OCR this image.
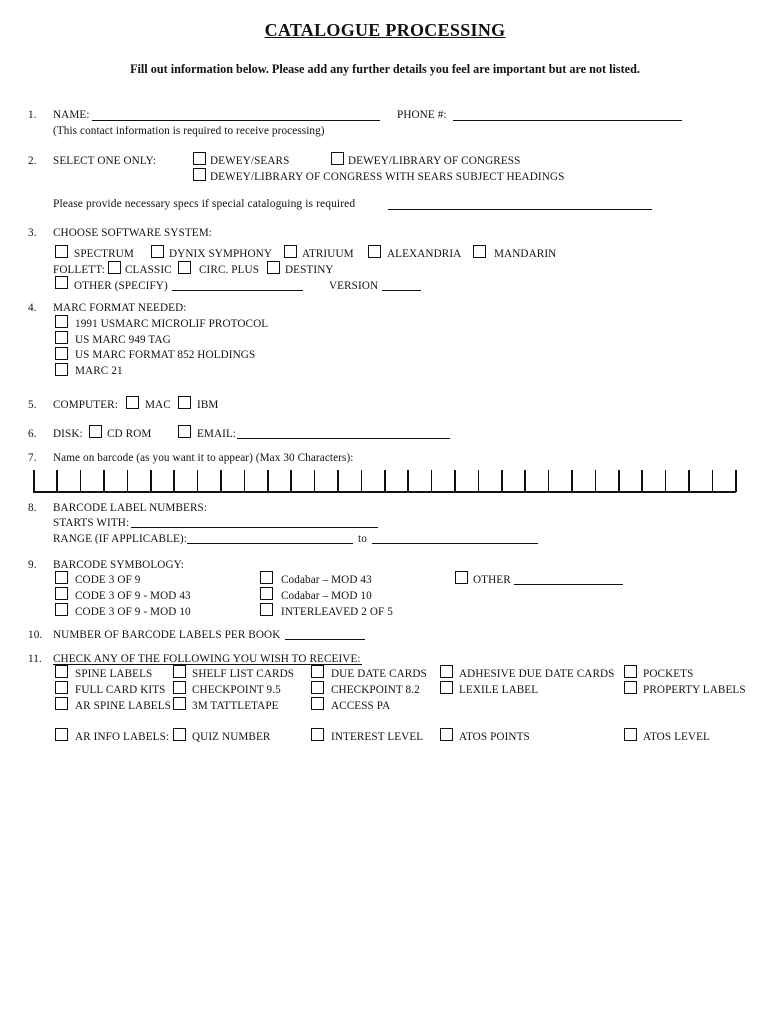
CATALOGUE PROCESSING
Fill out information below. Please add any further details you feel are important but are not listed.
1. NAME:	PHONE #:
(This contact information is required to receive processing)
2. SELECT ONE ONLY:	DEWEY/SEARS	DEWEY/LIBRARY OF CONGRESS
DEWEY/LIBRARY OF CONGRESS WITH SEARS SUBJECT HEADINGS
Please provide necessary specs if special cataloguing is required
3. CHOOSE SOFTWARE SYSTEM:
SPECTRUM	DYNIX SYMPHONY	ATRIUUM	ALEXANDRIA	MANDARIN
FOLLETT: CLASSIC CIRC. PLUS DESTINY
OTHER (SPECIFY)	VERSION
4. MARC FORMAT NEEDED:
1991 USMARC MICROLIF PROTOCOL
US MARC 949 TAG
US MARC FORMAT 852 HOLDINGS
MARC 21
5. COMPUTER: MAC IBM
6. DISK: CD ROM	EMAIL:
7. Name on barcode (as you want it to appear) (Max 30 Characters):
8. BARCODE LABEL NUMBERS:
STARTS WITH:
RANGE (IF APPLICABLE):	to
9. BARCODE SYMBOLOGY:
CODE 3 OF 9
CODE 3 OF 9 - MOD 43
CODE 3 OF 9 - MOD 10
Codabar – MOD 43
Codabar – MOD 10
INTERLEAVED 2 OF 5
OTHER
10. NUMBER OF BARCODE LABELS PER BOOK
11. CHECK ANY OF THE FOLLOWING YOU WISH TO RECEIVE:
SPINE LABELS	SHELF LIST CARDS	DUE DATE CARDS	ADHESIVE DUE DATE CARDS	POCKETS
FULL CARD KITS CHECKPOINT 9.5	CHECKPOINT 8.2	LEXILE LABEL	PROPERTY LABELS
AR SPINE LABELS 3M TATTLETAPE	ACCESS PA
AR INFO LABELS: QUIZ NUMBER	INTEREST LEVEL	ATOS POINTS	ATOS LEVEL
